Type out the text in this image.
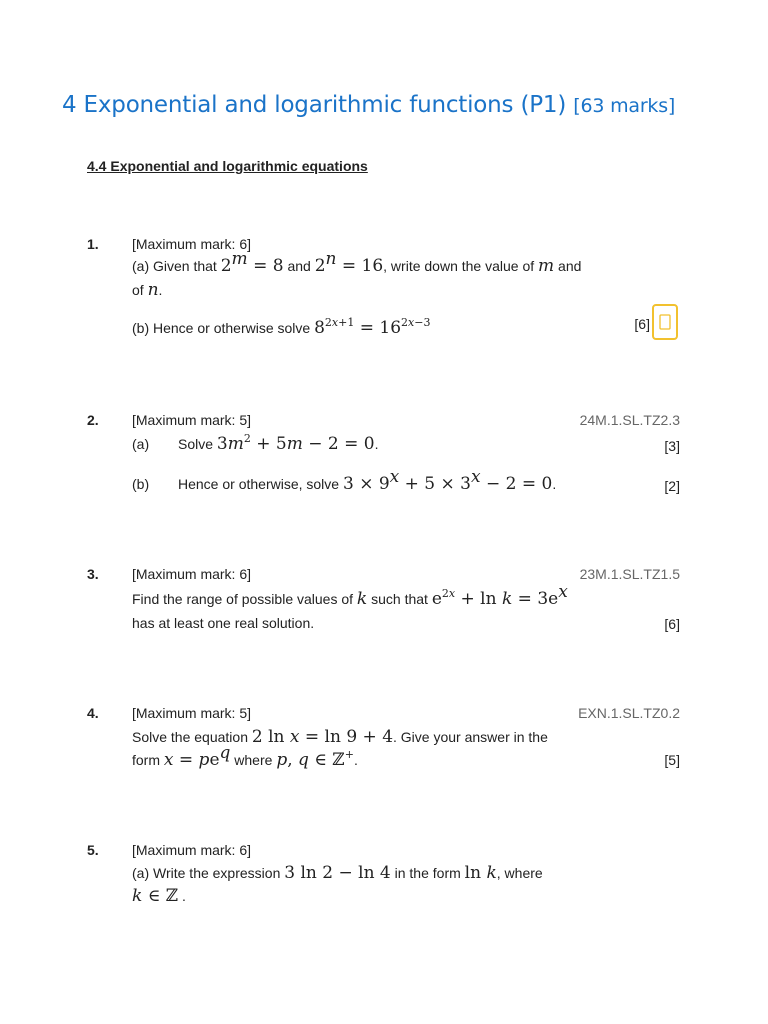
4 Exponential and logarithmic functions (P1) [63 marks]
4.4 Exponential and logarithmic equations
1. [Maximum mark: 6]
(a) Given that $2^m = 8$ and $2^n = 16$, write down the value of m and
of n.
(b) Hence or otherwise solve $8^{2x+1} = 16^{2x-3}$	[6]
2. [Maximum mark: 5]	24M.1.SL.TZ2.3
(a) Solve $3m^2 + 5m - 2 = 0$.	[3]
(b) Hence or otherwise, solve $3 \times 9^x + 5 \times 3^x - 2 = 0$.	[2]
3. [Maximum mark: 6]	23M.1.SL.TZ1.5
Find the range of possible values of k such that $e^{2x} + \ln k = 3e^x$
has at least one real solution.	[6]
4. [Maximum mark: 5]	EXN.1.SL.TZ0.2
Solve the equation 2 ln x = ln 9 + 4. Give your answer in the
form $x = pe^q$ where p, q ∈ ℤ+.	[5]
5. [Maximum mark: 6]
(a) Write the expression 3 ln 2 − ln 4 in the form ln k, where
k ∈ ℤ .
